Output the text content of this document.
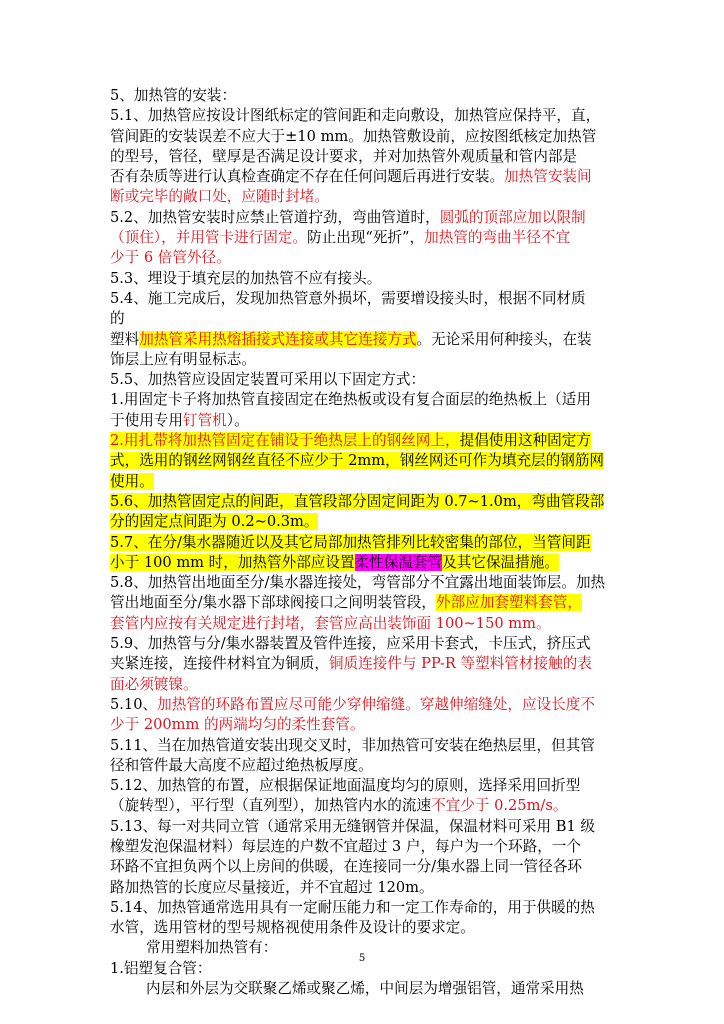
5、加热管的安装：
5.1、加热管应按设计图纸标定的管间距和走向敷设，加热管应保持平，直，
管间距的安装误差不应大于±10 mm。加热管敷设前，应按图纸核定加热管
的型号，管径，壁厚是否满足设计要求，并对加热管外观质量和管内部是
否有杂质等进行认真检查确定不存在任何问题后再进行安装。加热管安装间
断或完毕的敞口处，应随时封堵。
5.2、加热管安装时应禁止管道拧劲，弯曲管道时，圆弧的顶部应加以限制
（顶住），并用管卡进行固定。防止出现“死折”，加热管的弯曲半径不宜
少于 6 倍管外径。
5.3、埋设于填充层的加热管不应有接头。
5.4、施工完成后，发现加热管意外损坏，需要增设接头时，根据不同材质
的
塑料加热管采用热熔插接式连接或其它连接方式。无论采用何种接头，在装
饰层上应有明显标志。
5.5、加热管应设固定装置可采用以下固定方式：
1.用固定卡子将加热管直接固定在绝热板或设有复合面层的绝热板上（适用
于使用专用钉管机）。
2.用扎带将加热管固定在铺设于绝热层上的钢丝网上，提倡使用这种固定方
式，选用的钢丝网钢丝直径不应少于 2mm，钢丝网还可作为填充层的钢筋网
使用。
5.6、加热管固定点的间距，直管段部分固定间距为 0.7~1.0m，弯曲管段部
分的固定点间距为 0.2~0.3m。
5.7、在分/集水器随近以及其它局部加热管排列比较密集的部位，当管间距
小于 100 mm 时，加热管外部应设置柔性保温套管及其它保温措施。
5.8、加热管出地面至分/集水器连接处，弯管部分不宜露出地面装饰层。加热
管出地面至分/集水器下部球阀接口之间明装管段，外部应加套塑料套管，
套管内应按有关规定进行封堵，套管应高出装饰面 100~150 mm。
5.9、加热管与分/集水器装置及管件连接，应采用卡套式，卡压式，挤压式
夹紧连接，连接件材料宜为铜质，铜质连接件与 PP-R 等塑料管材接触的表
面必须镀镍。
5.10、加热管的环路布置应尽可能少穿伸缩缝。穿越伸缩缝处，应设长度不
少于 200mm 的两端均匀的柔性套管。
5.11、当在加热管道安装出现交叉时，非加热管可安装在绝热层里，但其管
径和管件最大高度不应超过绝热板厚度。
5.12、加热管的布置，应根据保证地面温度均匀的原则，选择采用回折型
（旋转型），平行型（直列型），加热管内水的流速不宜少于 0.25m/s。
5.13、每一对共同立管（通常采用无缝钢管并保温，保温材料可采用 B1 级
橡塑发泡保温材料）每层连的户数不宜超过 3 户，每户为一个环路，一个
环路不宜担负两个以上房间的供暖，在连接同一分/集水器上同一管径各环
路加热管的长度应尽量接近，并不宜超过 120m。
5.14、加热管通常选用具有一定耐压能力和一定工作寿命的，用于供暖的热
水管，选用管材的型号规格视使用条件及设计的要求定。
常用塑料加热管有：
1.铝塑复合管：
内层和外层为交联聚乙烯或聚乙烯，中间层为增强铝管，通常采用热
5
